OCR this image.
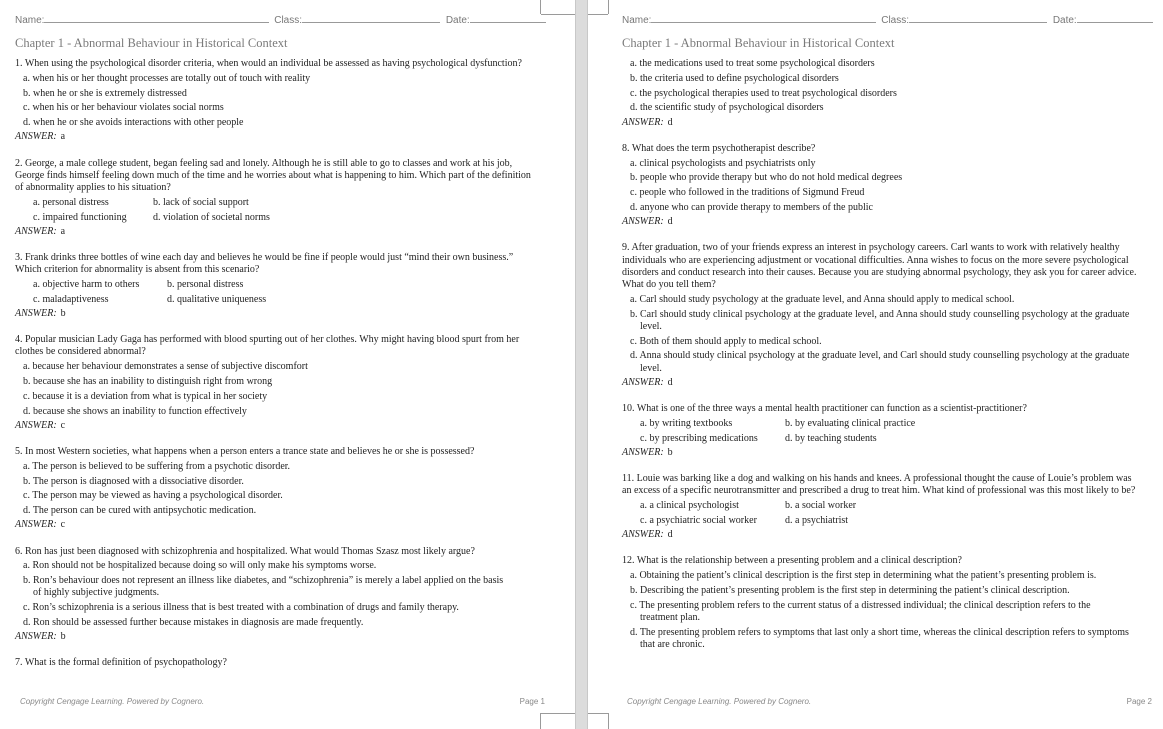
Name:	Class:	Date:
Chapter 1 - Abnormal Behaviour in Historical Context
1. When using the psychological disorder criteria, when would an individual be assessed as having psychological dysfunction?
a. when his or her thought processes are totally out of touch with reality
b. when he or she is extremely distressed
c. when his or her behaviour violates social norms
d. when he or she avoids interactions with other people
ANSWER: a
2. George, a male college student, began feeling sad and lonely. Although he is still able to go to classes and work at his job, George finds himself feeling down much of the time and he worries about what is happening to him. Which part of the definition of abnormality applies to his situation?
a. personal distress	b. lack of social support
c. impaired functioning	d. violation of societal norms
ANSWER: a
3. Frank drinks three bottles of wine each day and believes he would be fine if people would just “mind their own business.” Which criterion for abnormality is absent from this scenario?
a. objective harm to others	b. personal distress
c. maladaptiveness	d. qualitative uniqueness
ANSWER: b
4. Popular musician Lady Gaga has performed with blood spurting out of her clothes. Why might having blood spurt from her clothes be considered abnormal?
a. because her behaviour demonstrates a sense of subjective discomfort
b. because she has an inability to distinguish right from wrong
c. because it is a deviation from what is typical in her society
d. because she shows an inability to function effectively
ANSWER: c
5. In most Western societies, what happens when a person enters a trance state and believes he or she is possessed?
a. The person is believed to be suffering from a psychotic disorder.
b. The person is diagnosed with a dissociative disorder.
c. The person may be viewed as having a psychological disorder.
d. The person can be cured with antipsychotic medication.
ANSWER: c
6. Ron has just been diagnosed with schizophrenia and hospitalized. What would Thomas Szasz most likely argue?
a. Ron should not be hospitalized because doing so will only make his symptoms worse.
b. Ron’s behaviour does not represent an illness like diabetes, and “schizophrenia” is merely a label applied on the basis of highly subjective judgments.
c. Ron’s schizophrenia is a serious illness that is best treated with a combination of drugs and family therapy.
d. Ron should be assessed further because mistakes in diagnosis are made frequently.
ANSWER: b
7. What is the formal definition of psychopathology?
Copyright Cengage Learning. Powered by Cognero.	Page 1
Name:	Class:	Date:
Chapter 1 - Abnormal Behaviour in Historical Context
a. the medications used to treat some psychological disorders
b. the criteria used to define psychological disorders
c. the psychological therapies used to treat psychological disorders
d. the scientific study of psychological disorders
ANSWER: d
8. What does the term psychotherapist describe?
a. clinical psychologists and psychiatrists only
b. people who provide therapy but who do not hold medical degrees
c. people who followed in the traditions of Sigmund Freud
d. anyone who can provide therapy to members of the public
ANSWER: d
9. After graduation, two of your friends express an interest in psychology careers. Carl wants to work with relatively healthy individuals who are experiencing adjustment or vocational difficulties. Anna wishes to focus on the more severe psychological disorders and conduct research into their causes. Because you are studying abnormal psychology, they ask you for career advice. What do you tell them?
a. Carl should study psychology at the graduate level, and Anna should apply to medical school.
b. Carl should study clinical psychology at the graduate level, and Anna should study counselling psychology at the graduate level.
c. Both of them should apply to medical school.
d. Anna should study clinical psychology at the graduate level, and Carl should study counselling psychology at the graduate level.
ANSWER: d
10. What is one of the three ways a mental health practitioner can function as a scientist-practitioner?
a. by writing textbooks	b. by evaluating clinical practice
c. by prescribing medications	d. by teaching students
ANSWER: b
11. Louie was barking like a dog and walking on his hands and knees. A professional thought the cause of Louie’s problem was an excess of a specific neurotransmitter and prescribed a drug to treat him. What kind of professional was this most likely to be?
a. a clinical psychologist	b. a social worker
c. a psychiatric social worker	d. a psychiatrist
ANSWER: d
12. What is the relationship between a presenting problem and a clinical description?
a. Obtaining the patient’s clinical description is the first step in determining what the patient’s presenting problem is.
b. Describing the patient’s presenting problem is the first step in determining the patient’s clinical description.
c. The presenting problem refers to the current status of a distressed individual; the clinical description refers to the treatment plan.
d. The presenting problem refers to symptoms that last only a short time, whereas the clinical description refers to symptoms that are chronic.
Copyright Cengage Learning. Powered by Cognero.	Page 2
